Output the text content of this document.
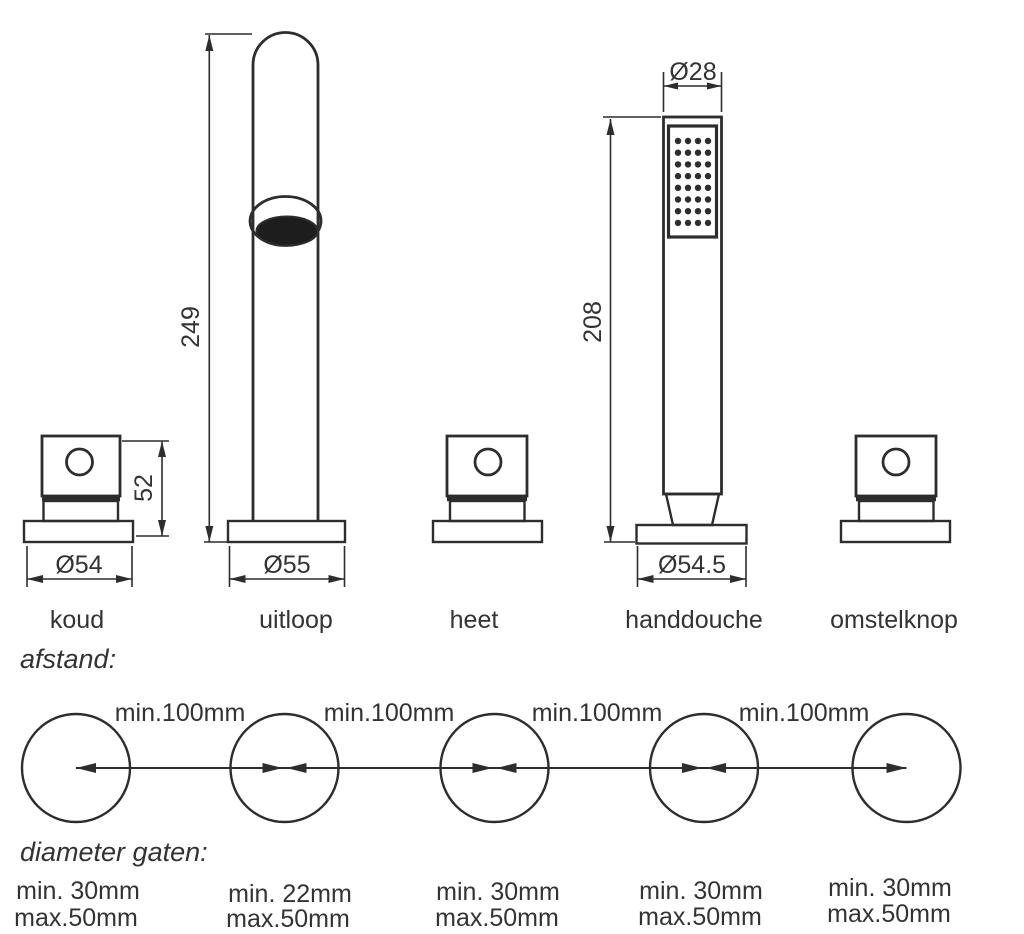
52
Ø54
koud
249
Ø55
uitloop	heet
Ø28
208
Ø54.5
handdouche	omstelknop
afstand:
min.100mm	min.100mm	min.100mm	min.100mm
diameter gaten:
min. 30mm
max.50mm
min. 22mm
max.50mm
min. 30mm
max.50mm
min. 30mm
max.50mm
min. 30mm
max.50mm
